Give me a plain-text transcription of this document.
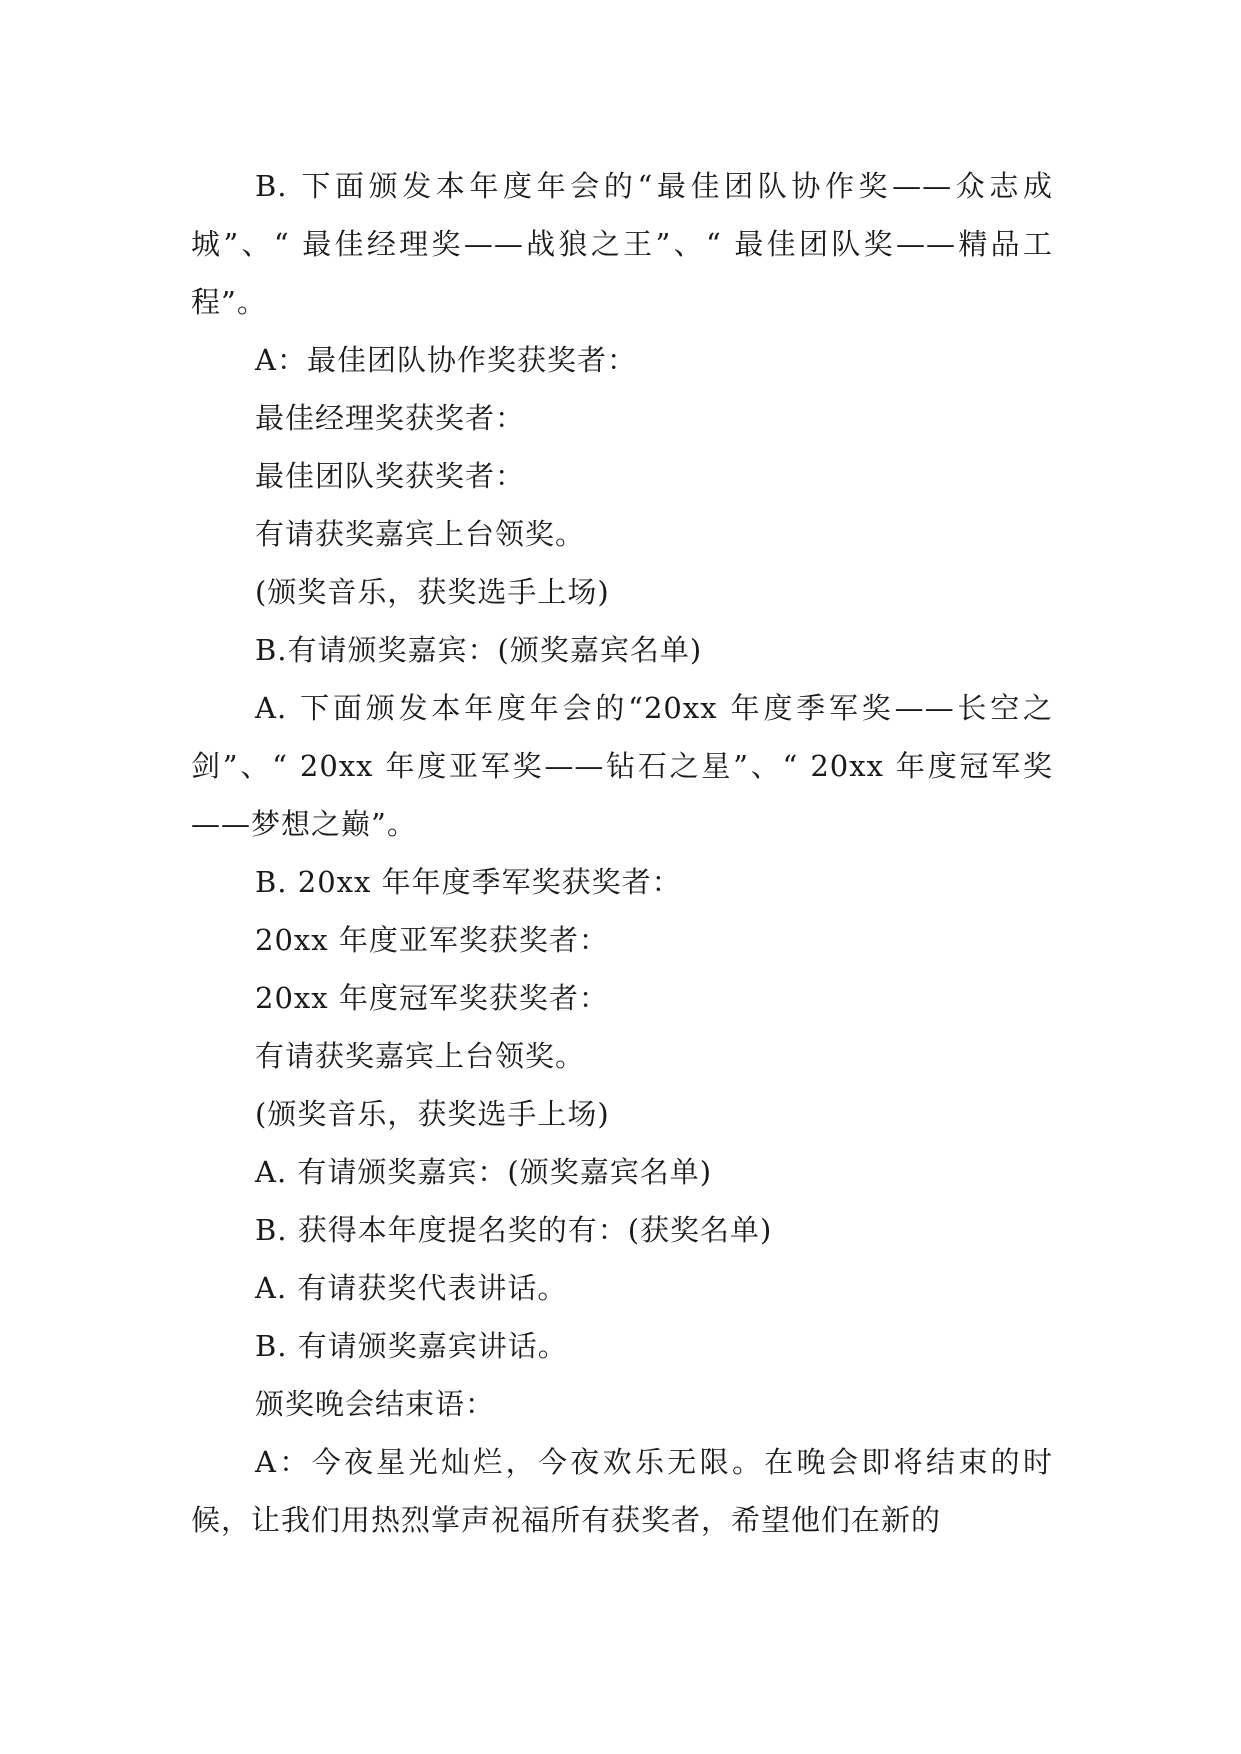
B. 下面颁发本年度年会的“最佳团队协作奖——众志成城”、“ 最佳经理奖——战狼之王”、“ 最佳团队奖——精品工程”。

A：最佳团队协作奖获奖者：

最佳经理奖获奖者：

最佳团队奖获奖者：

有请获奖嘉宾上台领奖。

(颁奖音乐，获奖选手上场)

B.有请颁奖嘉宾：(颁奖嘉宾名单)

A. 下面颁发本年度年会的“20xx 年度季军奖——长空之剑”、“ 20xx 年度亚军奖——钻石之星”、“ 20xx 年度冠军奖——梦想之巅”。

B. 20xx 年年度季军奖获奖者：

20xx 年度亚军奖获奖者：

20xx 年度冠军奖获奖者：

有请获奖嘉宾上台领奖。

(颁奖音乐，获奖选手上场)

A. 有请颁奖嘉宾：(颁奖嘉宾名单)

B. 获得本年度提名奖的有：(获奖名单)

A. 有请获奖代表讲话。

B. 有请颁奖嘉宾讲话。

颁奖晚会结束语：

A：今夜星光灿烂，今夜欢乐无限。在晚会即将结束的时候，让我们用热烈掌声祝福所有获奖者，希望他们在新的
